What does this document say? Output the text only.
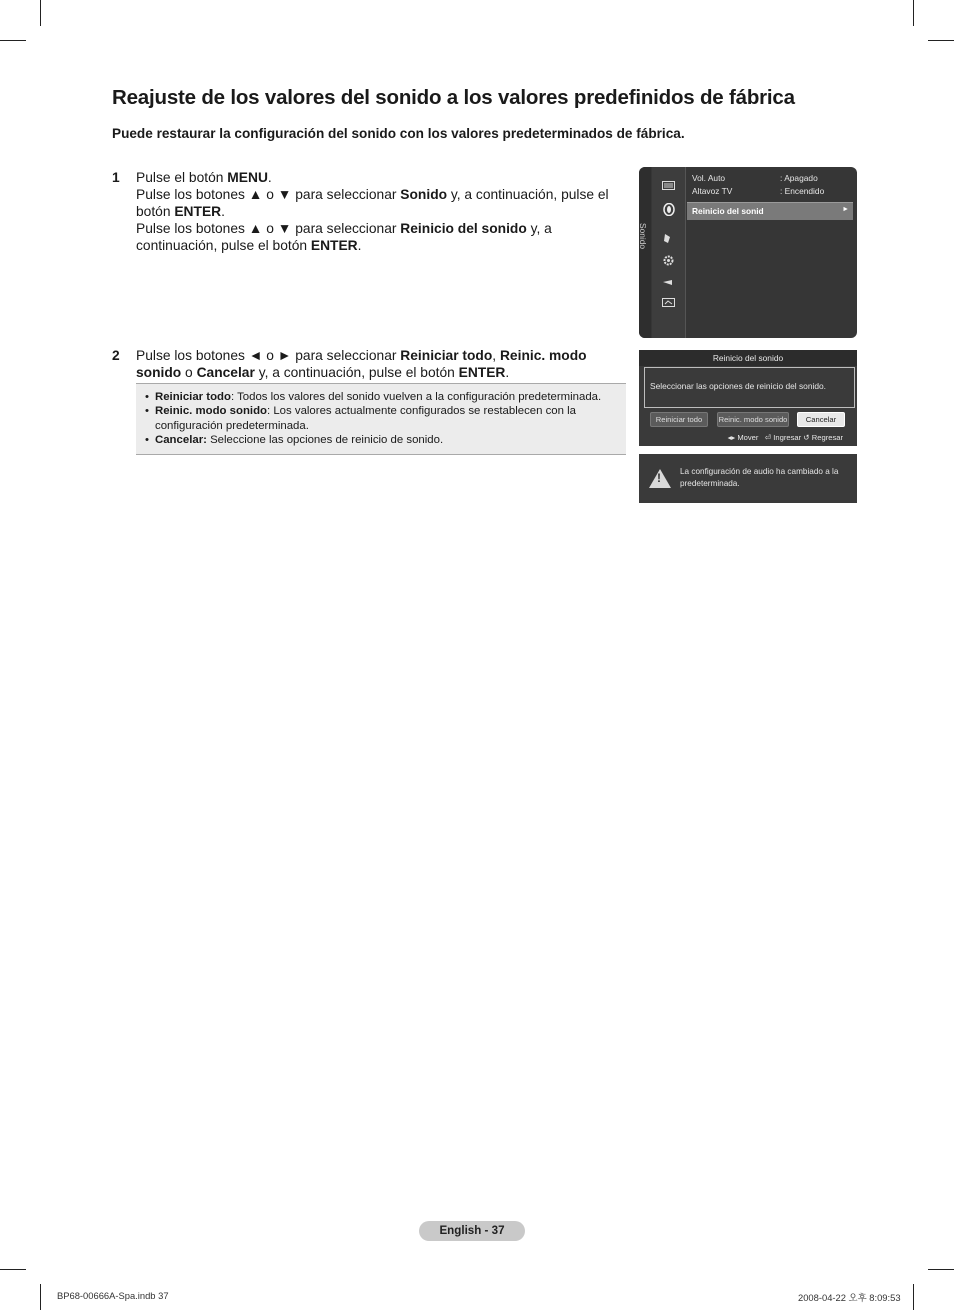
Reajuste de los valores del sonido a los valores predefinidos de fábrica
Puede restaurar la configuración del sonido con los valores predeterminados de fábrica.
1 Pulse el botón MENU.
Pulse los botones ▲ o ▼ para seleccionar Sonido y, a continuación, pulse el
botón ENTER.
Pulse los botones ▲ o ▼ para seleccionar Reinicio del sonido y, a
continuación, pulse el botón ENTER.
2 Pulse los botones ◄ o ► para seleccionar Reiniciar todo, Reinic. modo
sonido o Cancelar y, a continuación, pulse el botón ENTER.
• Reiniciar todo: Todos los valores del sonido vuelven a la configuración predeterminada.
• Reinic. modo sonido: Los valores actualmente configurados se restablecen con la
configuración predeterminada.
• Cancelar: Seleccione las opciones de reinicio de sonido.
Vol. Auto	: Apagado
Altavoz TV	: Encendido
Reinicio del sonid	►
Sonido
Reinicio del sonido
Seleccionar las opciones de reinicio del sonido.
Reiniciar todo	Reinic. modo sonido	Cancelar
◂▸ Mover ⏎ Ingresar ↺ Regresar
! La configuración de audio ha cambiado a la predeterminada.
English - 37
BP68-00666A-Spa.indb 37	2008-04-22 오후 8:09:53
